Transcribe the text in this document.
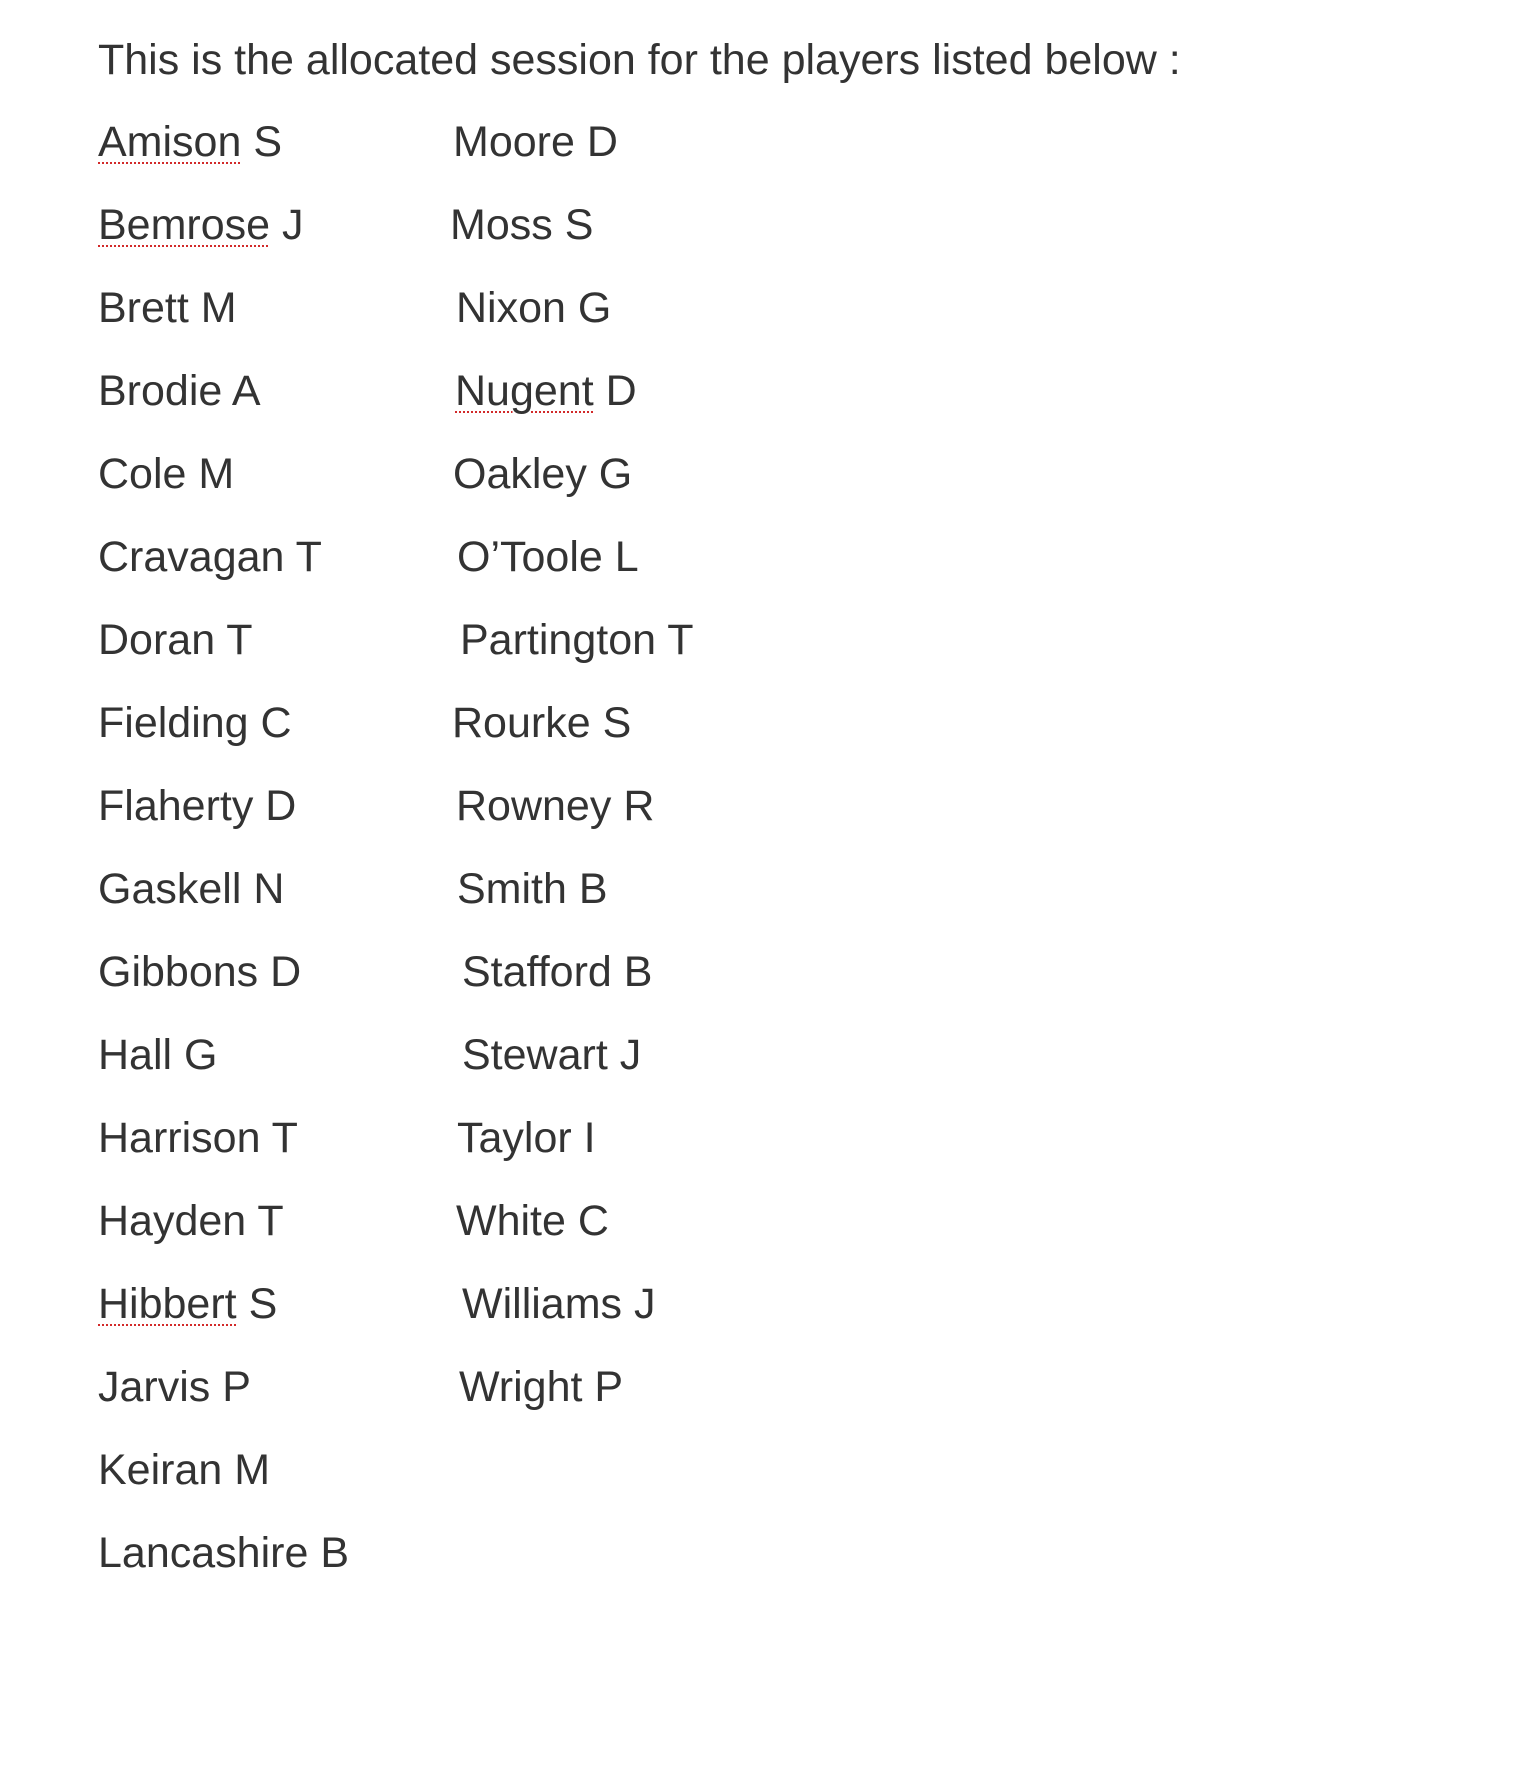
This is the allocated session for the players listed below :
Amison S
Bemrose J
Brett M
Brodie A
Cole M
Cravagan T
Doran T
Fielding C
Flaherty D
Gaskell N
Gibbons D
Hall G
Harrison T
Hayden T
Hibbert S
Jarvis P
Keiran M
Lancashire B
Moore D
Moss S
Nixon G
Nugent D
Oakley G
O’Toole L
Partington T
Rourke S
Rowney R
Smith B
Stafford B
Stewart J
Taylor I
White C
Williams J
Wright P
